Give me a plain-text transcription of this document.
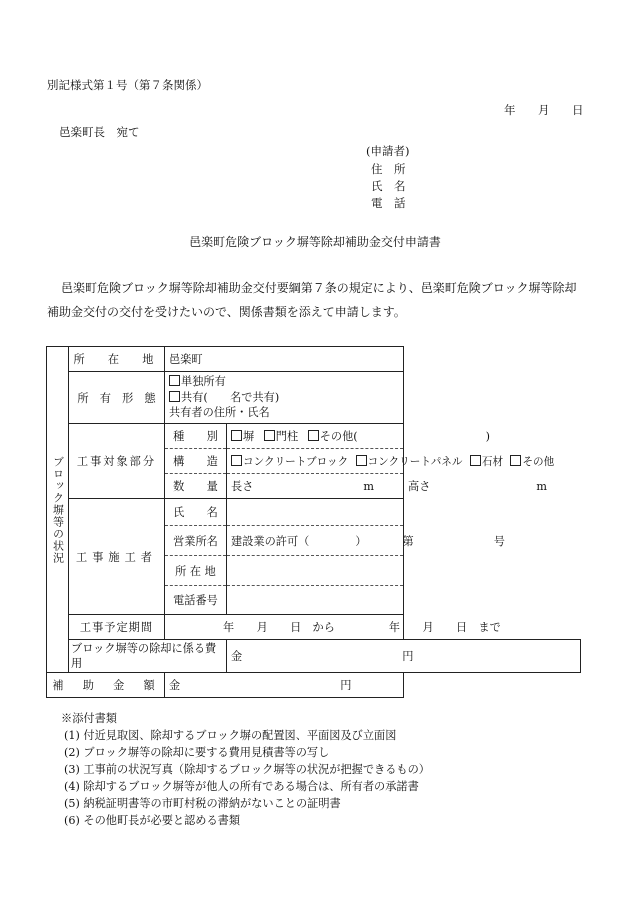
別記様式第１号（第７条関係）
年 月 日
邑楽町長　宛て
(申請者)
住　所
氏　名
電　話
邑楽町危険ブロック塀等除却補助金交付申請書
邑楽町危険ブロック塀等除却補助金交付要綱第７条の規定により、邑楽町危険ブロック塀等除却補助金交付の交付を受けたいので、関係書類を添えて申請します。
ブロック塀等の状況	所　在　地	邑楽町	
	所　有　形　態	単独所有
共有(　　名で共有)
共有者の住所・氏名	

	工事対象部分	種　　別	塀 門柱 その他( )
		構　　造	コンクリートブロック コンクリートパネル 石材 その他
		数　　量	長さ m 高さ m
	工事施工者	氏　　名	
		営業所名	建設業の許可（ ） 第 号
		所 在 地	
		電話番号	
	工事予定期間	年　　月　　日　から 年　　月　　日　まで	
	ブロック塀等の除却に係る費用		金 円
補　助　金　額		金 円	
※添付書類
(1) 付近見取図、除却するブロック塀の配置図、平面図及び立面図
(2) ブロック塀等の除却に要する費用見積書等の写し
(3) 工事前の状況写真（除却するブロック塀等の状況が把握できるもの）
(4) 除却するブロック塀等が他人の所有である場合は、所有者の承諾書
(5) 納税証明書等の市町村税の滞納がないことの証明書
(6) その他町長が必要と認める書類
